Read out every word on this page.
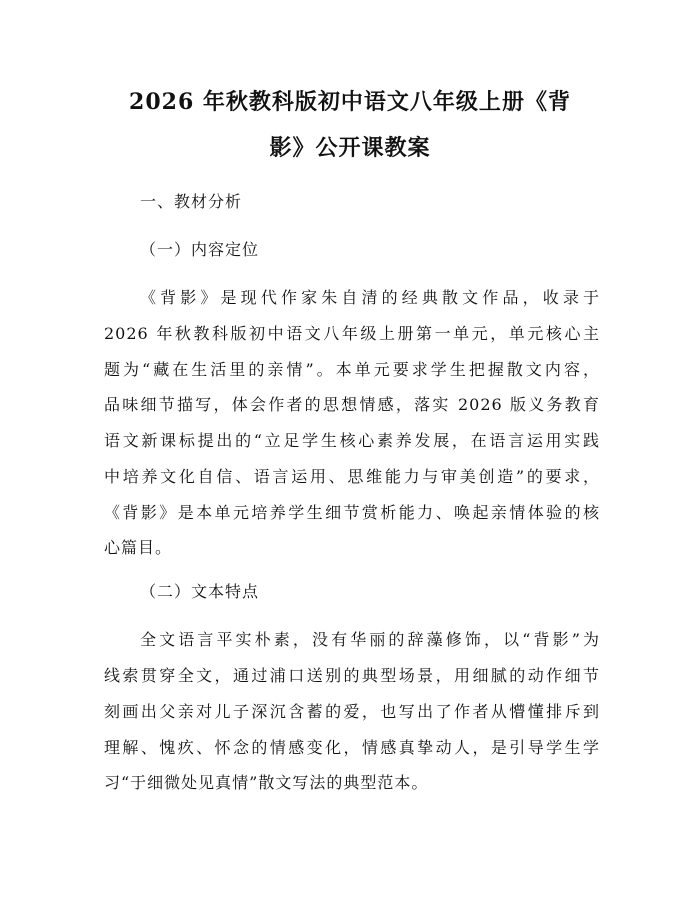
2026 年秋教科版初中语文八年级上册《背
影》公开课教案

一、教材分析

（一）内容定位

《背影》是现代作家朱自清的经典散文作品，收录于

2026 年秋教科版初中语文八年级上册第一单元，单元核心主

题为“藏在生活里的亲情”。本单元要求学生把握散文内容，

品味细节描写，体会作者的思想情感，落实 2026 版义务教育

语文新课标提出的“立足学生核心素养发展，在语言运用实践

中培养文化自信、语言运用、思维能力与审美创造”的要求，

《背影》是本单元培养学生细节赏析能力、唤起亲情体验的核

心篇目。

（二）文本特点

全文语言平实朴素，没有华丽的辞藻修饰，以“背影”为

线索贯穿全文，通过浦口送别的典型场景，用细腻的动作细节

刻画出父亲对儿子深沉含蓄的爱，也写出了作者从懵懂排斥到

理解、愧疚、怀念的情感变化，情感真挚动人，是引导学生学

习“于细微处见真情”散文写法的典型范本。
